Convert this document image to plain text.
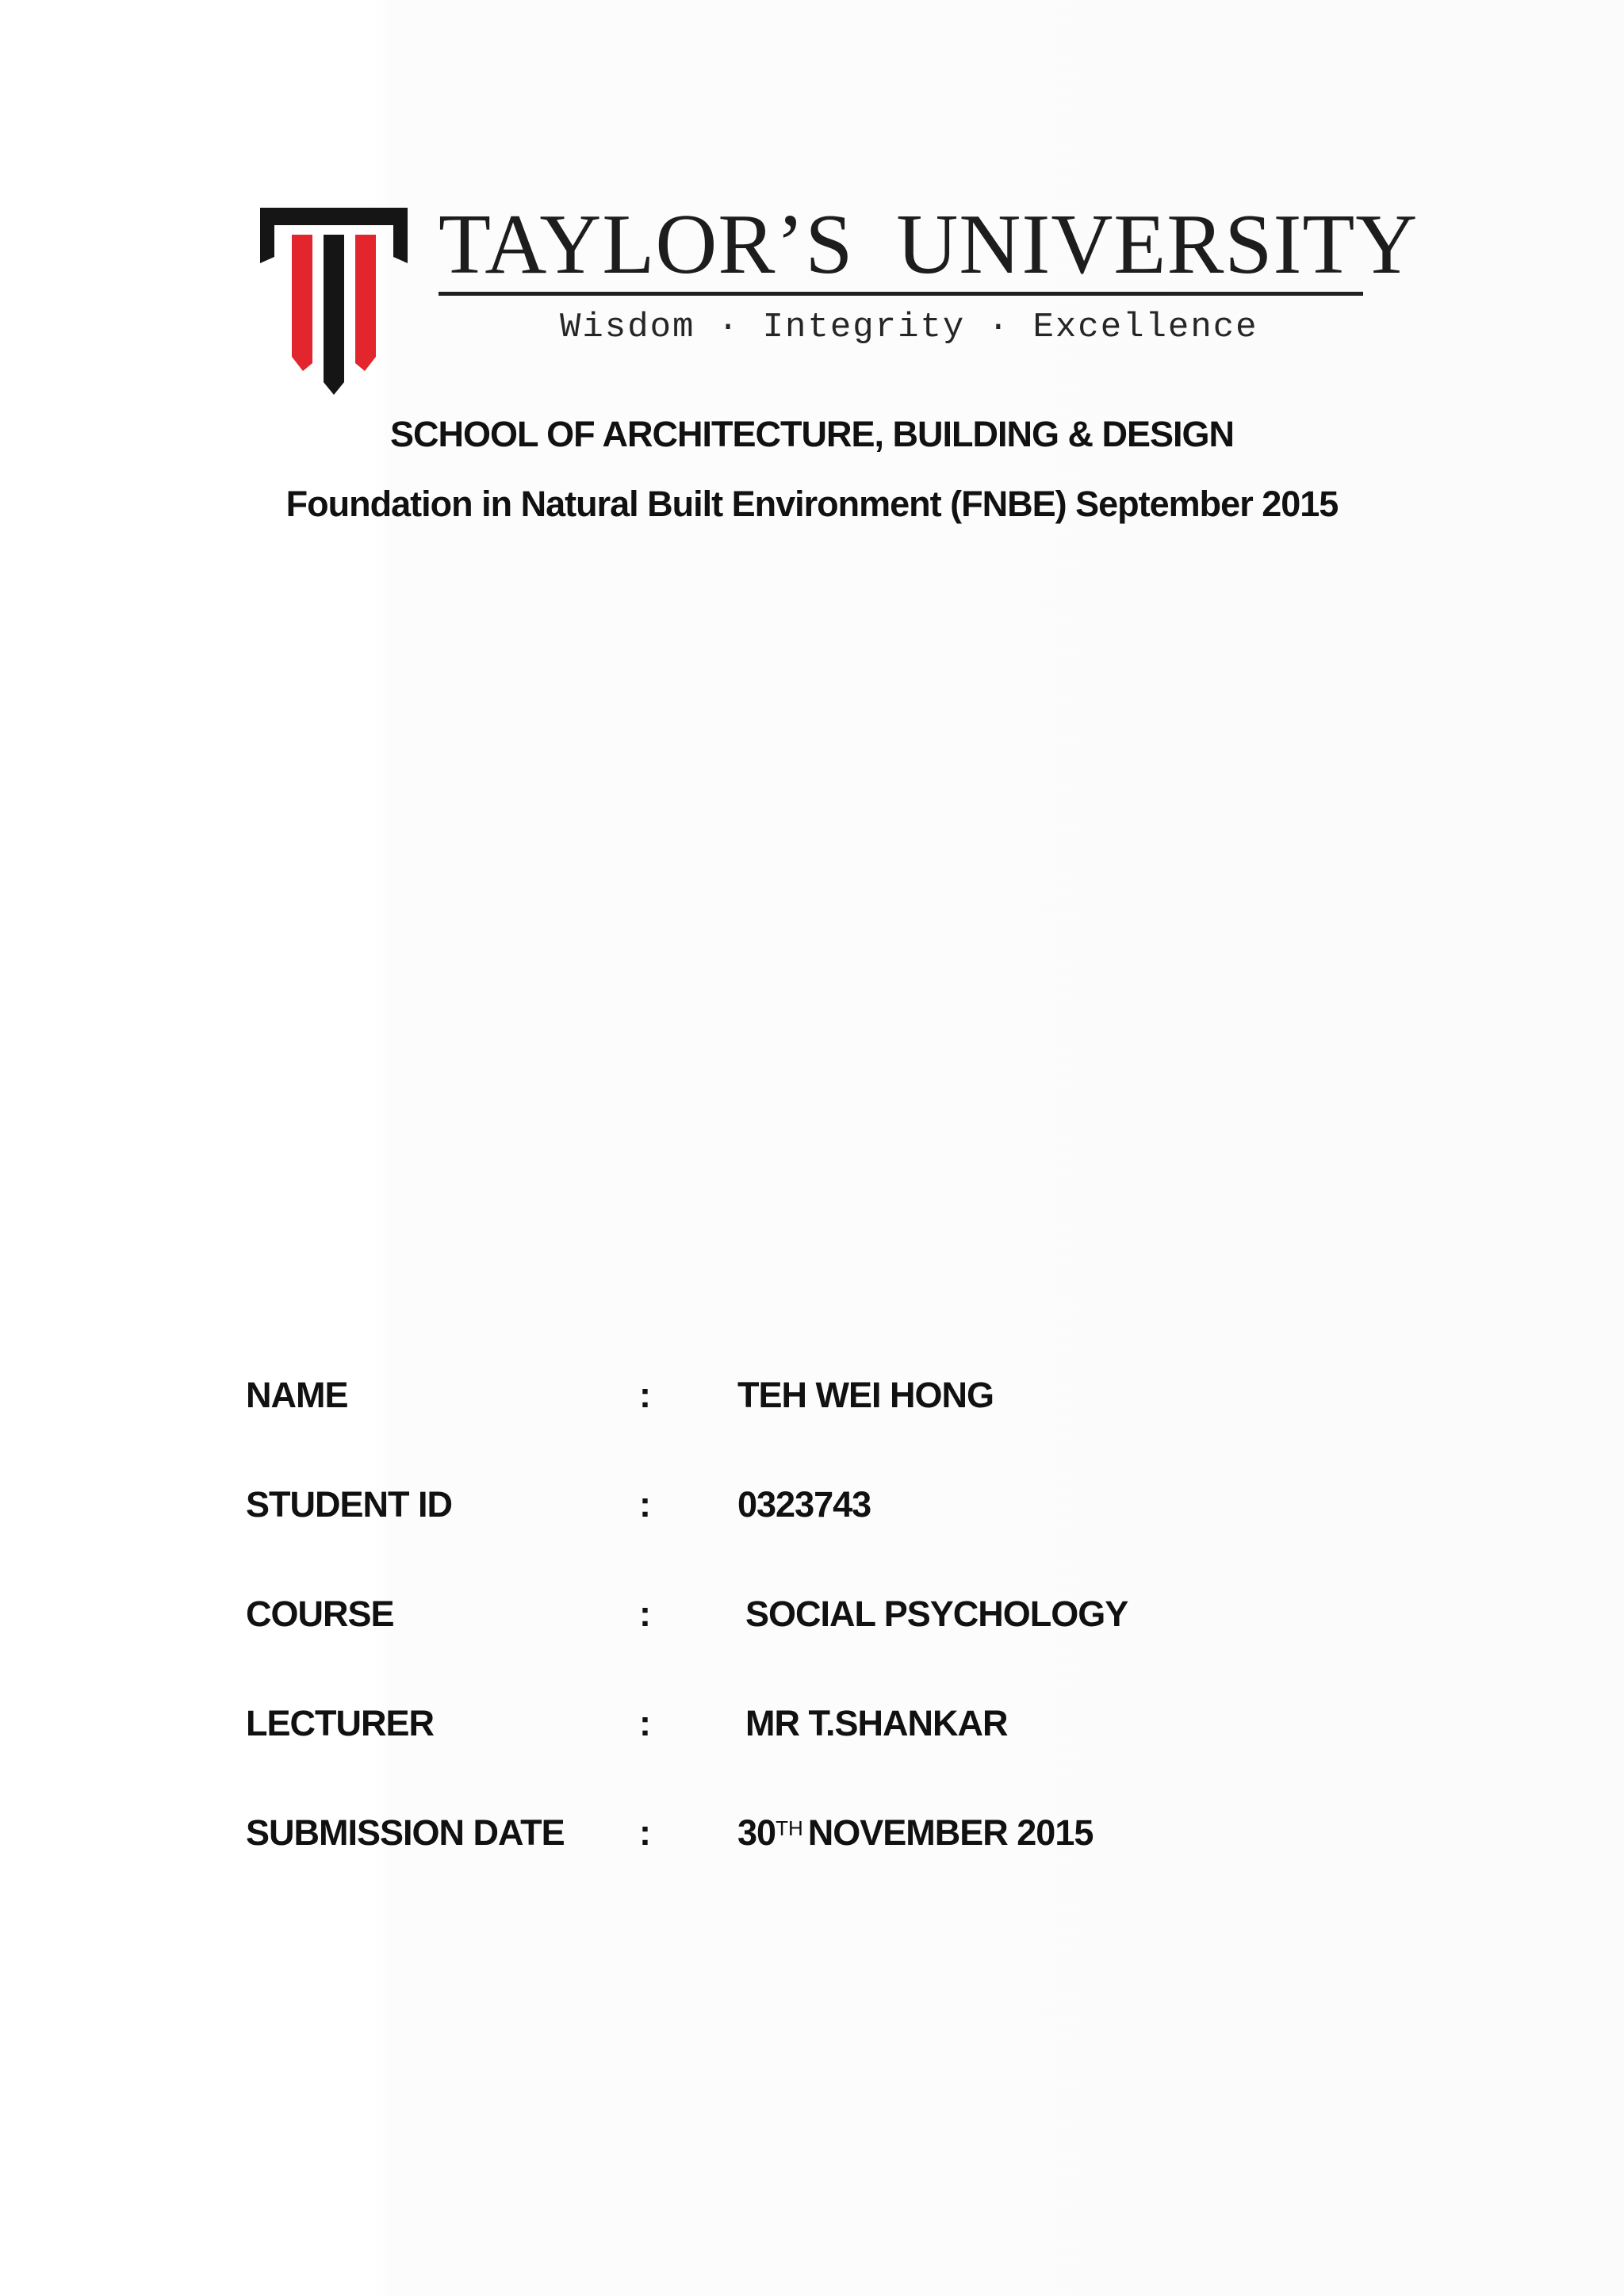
TAYLOR’S UNIVERSITY
Wisdom · Integrity · Excellence
SCHOOL OF ARCHITECTURE, BUILDING & DESIGN
Foundation in Natural Built Environment (FNBE) September 2015
NAME	: TEH WEI HONG
STUDENT ID	: 0323743
COURSE	:	SOCIAL PSYCHOLOGY
LECTURER	:	MR T.SHANKAR
SUBMISSION DATE : 30TH NOVEMBER 2015
